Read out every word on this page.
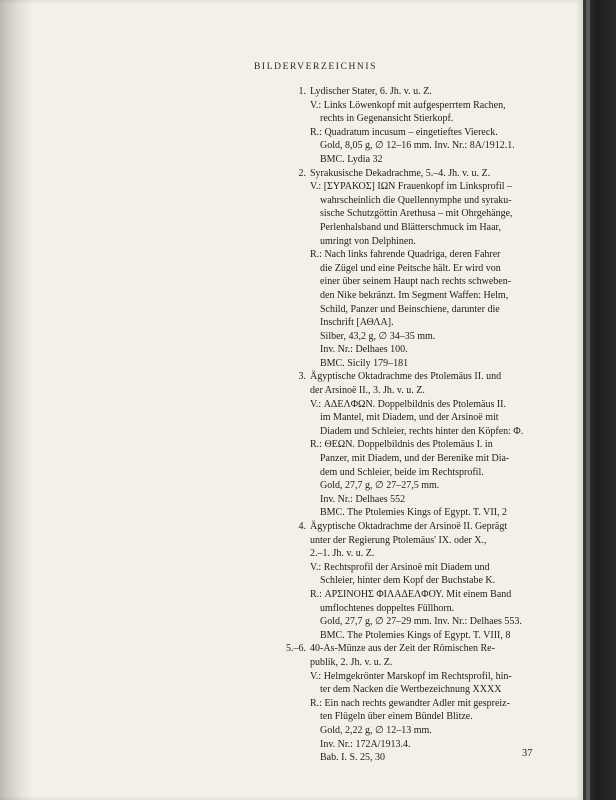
BILDERVERZEICHNIS
1. Lydischer Stater, 6. Jh. v. u. Z.
V.: Links Löwenkopf mit aufgesperrtem Rachen,
rechts in Gegenansicht Stierkopf.
R.: Quadratum incusum – eingetieftes Viereck.
Gold, 8,05 g, ∅ 12–16 mm. Inv. Nr.: 8A/1912.1.
BMC. Lydia 32
2. Syrakusische Dekadrachme, 5.–4. Jh. v. u. Z.
V.: [ΣΥΡΑΚΟΣ] ΙΩΝ Frauenkopf im Linksprofil –
wahrscheinlich die Quellennymphe und syraku-
sische Schutzgöttin Arethusa – mit Ohrgehänge,
Perlenhalsband und Blätterschmuck im Haar,
umringt von Delphinen.
R.: Nach links fahrende Quadriga, deren Fahrer
die Zügel und eine Peitsche hält. Er wird von
einer über seinem Haupt nach rechts schweben-
den Nike bekränzt. Im Segment Waffen: Helm,
Schild, Panzer und Beinschiene, darunter die
Inschrift [ΑΘΛΑ].
Silber, 43,2 g, ∅ 34–35 mm.
Inv. Nr.: Delhaes 100.
BMC. Sicily 179–181
3. Ägyptische Oktadrachme des Ptolemäus II. und
der Arsinoë II., 3. Jh. v. u. Z.
V.: ΑΔΕΛΦΩΝ. Doppelbildnis des Ptolemäus II.
im Mantel, mit Diadem, und der Arsinoë mit
Diadem und Schleier, rechts hinter den Köpfen: Φ.
R.: ΘΕΩΝ. Doppelbildnis des Ptolemäus I. in
Panzer, mit Diadem, und der Berenike mit Dia-
dem und Schleier, beide im Rechtsprofil.
Gold, 27,7 g, ∅ 27–27,5 mm.
Inv. Nr.: Delhaes 552
BMC. The Ptolemies Kings of Egypt. T. VII, 2
4. Ägyptische Oktadrachme der Arsinoë II. Geprägt
unter der Regierung Ptolemäus' IX. oder X.,
2.–1. Jh. v. u. Z.
V.: Rechtsprofil der Arsinoë mit Diadem und
Schleier, hinter dem Kopf der Buchstabe K.
R.: ΑΡΣΙΝΟΗΣ ΦΙΛΑΔΕΛΦΟΥ. Mit einem Band
umflochtenes doppeltes Füllhorn.
Gold, 27,7 g, ∅ 27–29 mm. Inv. Nr.: Delhaes 553.
BMC. The Ptolemies Kings of Egypt. T. VIII, 8
5.–6. 40-As-Münze aus der Zeit der Römischen Re-
publik, 2. Jh. v. u. Z.
V.: Helmgekrönter Marskopf im Rechtsprofil, hin-
ter dem Nacken die Wertbezeichnung XXXX
R.: Ein nach rechts gewandter Adler mit gespreiz-
ten Flügeln über einem Bündel Blitze.
Gold, 2,22 g, ∅ 12–13 mm.
Inv. Nr.: 172A/1913.4.
Bab. I. S. 25, 30	37
